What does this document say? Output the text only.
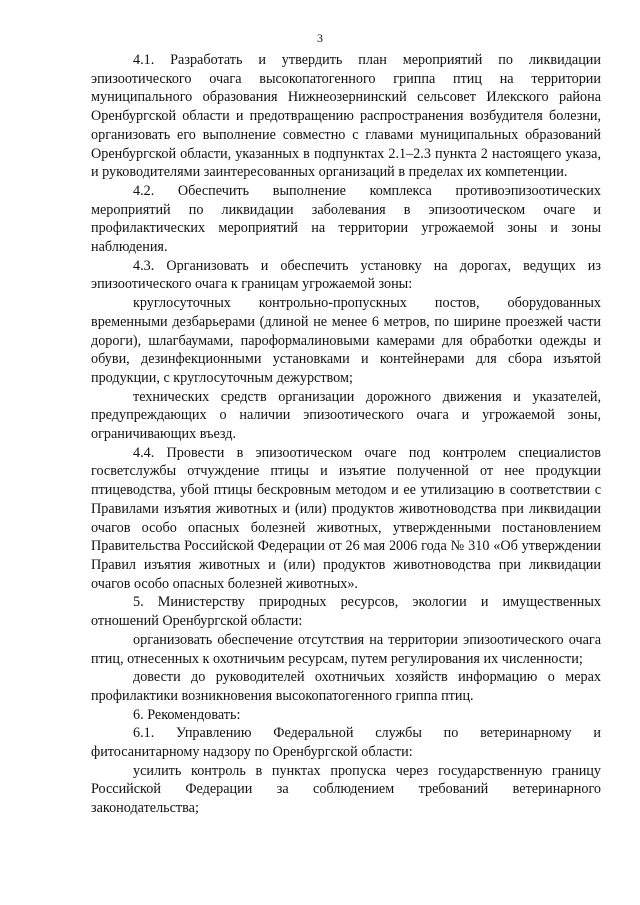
3

4.1. Разработать и утвердить план мероприятий по ликвидации эпизоотического очага высокопатогенного гриппа птиц на территории муниципального образования Нижнеозернинский сельсовет Илекского района Оренбургской области и предотвращению распространения возбудителя болезни, организовать его выполнение совместно с главами муниципальных образований Оренбургской области, указанных в подпунктах 2.1–2.3 пункта 2 настоящего указа, и руководителями заинтересованных организаций в пределах их компетенции.

4.2. Обеспечить выполнение комплекса противоэпизоотических мероприятий по ликвидации заболевания в эпизоотическом очаге и профилактических мероприятий на территории угрожаемой зоны и зоны наблюдения.

4.3. Организовать и обеспечить установку на дорогах, ведущих из эпизоотического очага к границам угрожаемой зоны:

круглосуточных контрольно-пропускных постов, оборудованных временными дезбарьерами (длиной не менее 6 метров, по ширине проезжей части дороги), шлагбаумами, пароформалиновыми камерами для обработки одежды и обуви, дезинфекционными установками и контейнерами для сбора изъятой продукции, с круглосуточным дежурством;

технических средств организации дорожного движения и указателей, предупреждающих о наличии эпизоотического очага и угрожаемой зоны, ограничивающих въезд.

4.4. Провести в эпизоотическом очаге под контролем специалистов госветслужбы отчуждение птицы и изъятие полученной от нее продукции птицеводства, убой птицы бескровным методом и ее утилизацию в соответствии с Правилами изъятия животных и (или) продуктов животноводства при ликвидации очагов особо опасных болезней животных, утвержденными постановлением Правительства Российской Федерации от 26 мая 2006 года № 310 «Об утверждении Правил изъятия животных и (или) продуктов животноводства при ликвидации очагов особо опасных болезней животных».

5. Министерству природных ресурсов, экологии и имущественных отношений Оренбургской области:

организовать обеспечение отсутствия на территории эпизоотического очага птиц, отнесенных к охотничьим ресурсам, путем регулирования их численности;

довести до руководителей охотничьих хозяйств информацию о мерах профилактики возникновения высокопатогенного гриппа птиц.

6. Рекомендовать:

6.1. Управлению Федеральной службы по ветеринарному и фитосанитарному надзору по Оренбургской области:

усилить контроль в пунктах пропуска через государственную границу Российской Федерации за соблюдением требований ветеринарного законодательства;
